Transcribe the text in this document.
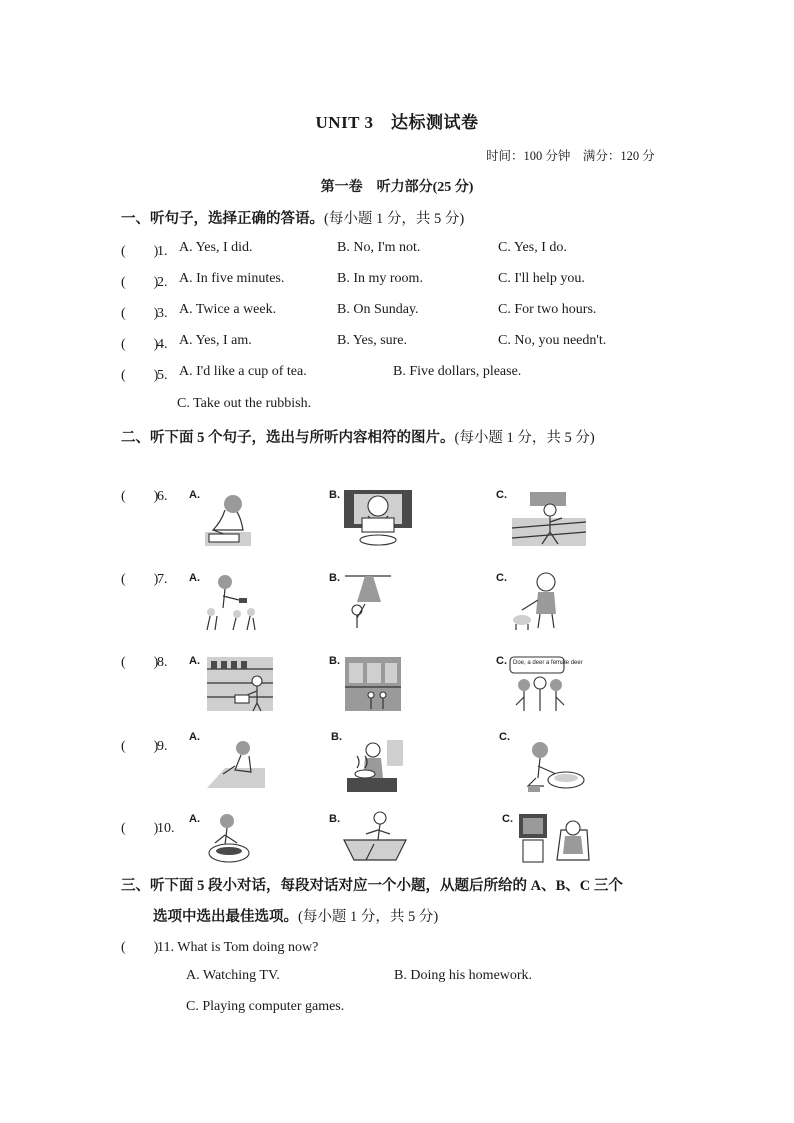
UNIT 3　达标测试卷
时间：100 分钟　满分：120 分
第一卷　听力部分(25 分)
一、听句子，选择正确的答语。(每小题 1 分，共 5 分)
(　　)1. A. Yes, I did.	B. No, I'm not.	C. Yes, I do.
(　　)2. A. In five minutes.	B. In my room.	C. I'll help you.
(　　)3. A. Twice a week.	B. On Sunday.	C. For two hours.
(　　)4. A. Yes, I am.	B. Yes, sure.	C. No, you needn't.
(　　)5. A. I'd like a cup of tea.	B. Five dollars, please.
C. Take out the rubbish.
二、听下面 5 个句子，选出与所听内容相符的图片。(每小题 1 分，共 5 分)
(　　)6. A.	B.	C.
(　　)7. A.	B.	C.
(　　)8. A.	B.	C. Doe, a deer a female deer
(　　)9.
A.	B.	C.
(　　)10.
A.	B.	C.
三、听下面 5 段小对话，每段对话对应一个小题，从题后所给的 A、B、C 三个
选项中选出最佳选项。(每小题 1 分，共 5 分)
(　　)11. What is Tom doing now?
A. Watching TV.	B. Doing his homework.
C. Playing computer games.
